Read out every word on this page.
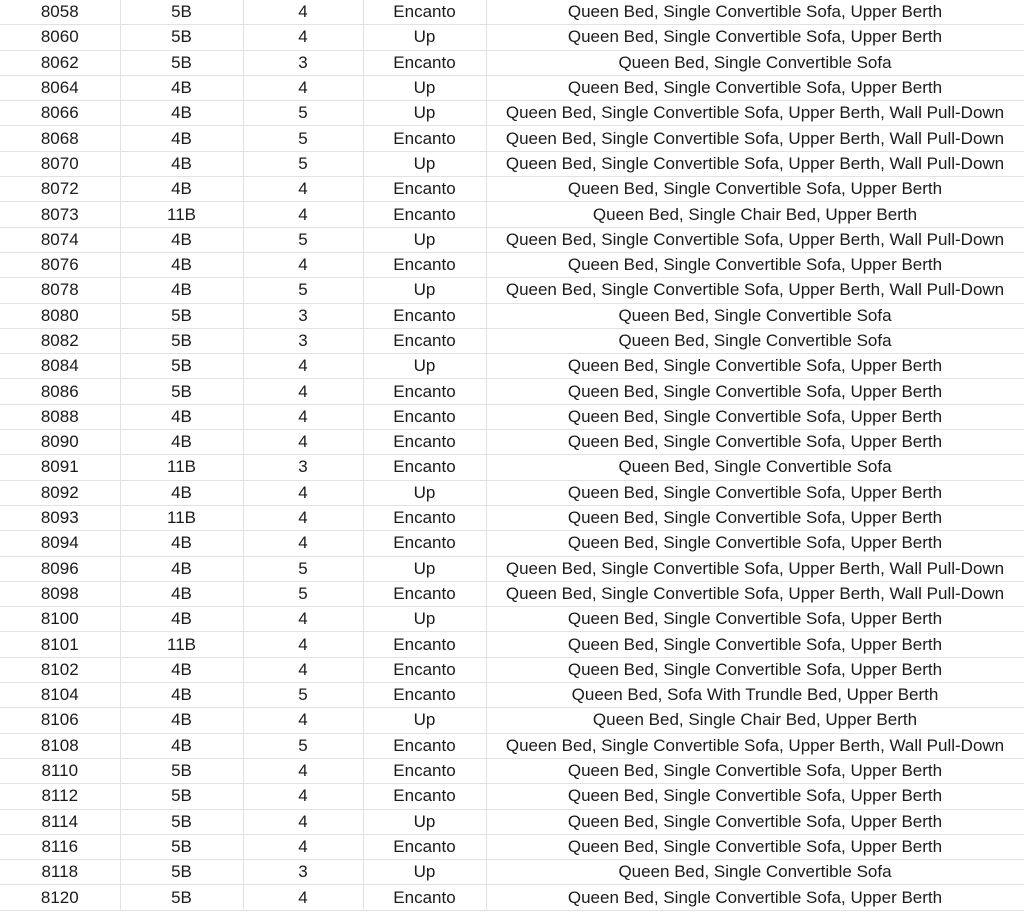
8058	5B	4	Encanto	Queen Bed, Single Convertible Sofa, Upper Berth
8060	5B	4	Up	Queen Bed, Single Convertible Sofa, Upper Berth
8062	5B	3	Encanto	Queen Bed, Single Convertible Sofa
8064	4B	4	Up	Queen Bed, Single Convertible Sofa, Upper Berth
8066	4B	5	Up	Queen Bed, Single Convertible Sofa, Upper Berth, Wall Pull-Down
8068	4B	5	Encanto	Queen Bed, Single Convertible Sofa, Upper Berth, Wall Pull-Down
8070	4B	5	Up	Queen Bed, Single Convertible Sofa, Upper Berth, Wall Pull-Down
8072	4B	4	Encanto	Queen Bed, Single Convertible Sofa, Upper Berth
8073	11B	4	Encanto	Queen Bed, Single Chair Bed, Upper Berth
8074	4B	5	Up	Queen Bed, Single Convertible Sofa, Upper Berth, Wall Pull-Down
8076	4B	4	Encanto	Queen Bed, Single Convertible Sofa, Upper Berth
8078	4B	5	Up	Queen Bed, Single Convertible Sofa, Upper Berth, Wall Pull-Down
8080	5B	3	Encanto	Queen Bed, Single Convertible Sofa
8082	5B	3	Encanto	Queen Bed, Single Convertible Sofa
8084	5B	4	Up	Queen Bed, Single Convertible Sofa, Upper Berth
8086	5B	4	Encanto	Queen Bed, Single Convertible Sofa, Upper Berth
8088	4B	4	Encanto	Queen Bed, Single Convertible Sofa, Upper Berth
8090	4B	4	Encanto	Queen Bed, Single Convertible Sofa, Upper Berth
8091	11B	3	Encanto	Queen Bed, Single Convertible Sofa
8092	4B	4	Up	Queen Bed, Single Convertible Sofa, Upper Berth
8093	11B	4	Encanto	Queen Bed, Single Convertible Sofa, Upper Berth
8094	4B	4	Encanto	Queen Bed, Single Convertible Sofa, Upper Berth
8096	4B	5	Up	Queen Bed, Single Convertible Sofa, Upper Berth, Wall Pull-Down
8098	4B	5	Encanto	Queen Bed, Single Convertible Sofa, Upper Berth, Wall Pull-Down
8100	4B	4	Up	Queen Bed, Single Convertible Sofa, Upper Berth
8101	11B	4	Encanto	Queen Bed, Single Convertible Sofa, Upper Berth
8102	4B	4	Encanto	Queen Bed, Single Convertible Sofa, Upper Berth
8104	4B	5	Encanto	Queen Bed, Sofa With Trundle Bed, Upper Berth
8106	4B	4	Up	Queen Bed, Single Chair Bed, Upper Berth
8108	4B	5	Encanto	Queen Bed, Single Convertible Sofa, Upper Berth, Wall Pull-Down
8110	5B	4	Encanto	Queen Bed, Single Convertible Sofa, Upper Berth
8112	5B	4	Encanto	Queen Bed, Single Convertible Sofa, Upper Berth
8114	5B	4	Up	Queen Bed, Single Convertible Sofa, Upper Berth
8116	5B	4	Encanto	Queen Bed, Single Convertible Sofa, Upper Berth
8118	5B	3	Up	Queen Bed, Single Convertible Sofa
8120	5B	4	Encanto	Queen Bed, Single Convertible Sofa, Upper Berth
